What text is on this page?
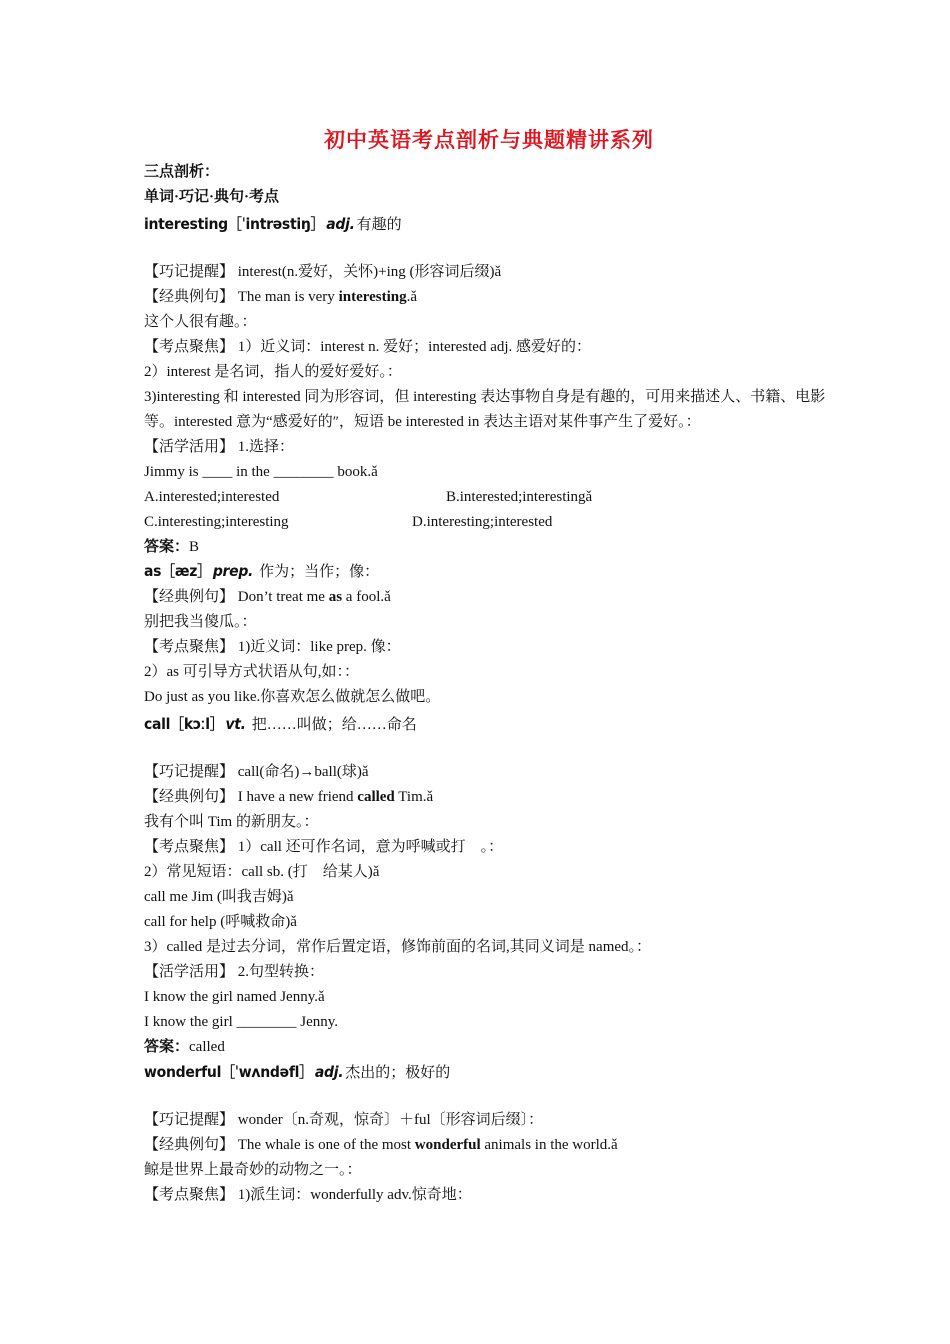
初中英语考点剖析与典题精讲系列
三点剖析：
单词·巧记·典句·考点
interesting［ˈintrəstiŋ］ adj. 有趣的
【巧记提醒】 interest(n.爱好，关怀)+ing (形容词后缀)ǎ
【经典例句】 The man is very interesting.ǎ
这个人很有趣。：
【考点聚焦】 1）近义词：interest n. 爱好；interested adj. 感爱好的：
2）interest 是名词，指人的爱好爱好。：
3)interesting 和 interested 同为形容词，但 interesting 表达事物自身是有趣的，可用来描述人、书籍、电影等。interested 意为“感爱好的″，短语 be interested in 表达主语对某件事产生了爱好。：
【活学活用】 1.选择：
Jimmy is ____ in the ________ book.ǎ
A.interested;interested	B.interested;interestingǎ
C.interesting;interesting	D.interesting;interested
答案：B
as［æz］ prep. 作为；当作；像：
【经典例句】 Don’t treat me as a fool.ǎ
别把我当傻瓜。：
【考点聚焦】 1)近义词：like prep. 像：
2）as 可引导方式状语从句,如：：
Do just as you like.你喜欢怎么做就怎么做吧。
call［kɔːl］ vt. 把……叫做；给……命名
【巧记提醒】 call(命名)→ball(球)ǎ
【经典例句】 I have a new friend called Tim.ǎ
我有个叫 Tim 的新朋友。：
【考点聚焦】 1）call 还可作名词，意为呼喊或打　。：
2）常见短语：call sb. (打　给某人)ǎ
call me Jim (叫我吉姆)ǎ
call for help (呼喊救命)ǎ
3）called 是过去分词，常作后置定语，修饰前面的名词,其同义词是 named。：
【活学活用】 2.句型转换：
I know the girl named Jenny.ǎ
I know the girl ________ Jenny.
答案：called
wonderful［ˈwʌndəfl］ adj. 杰出的；极好的
【巧记提醒】 wonder〔n.奇观，惊奇〕＋ful〔形容词后缀〕：
【经典例句】 The whale is one of the most wonderful animals in the world.ǎ
鲸是世界上最奇妙的动物之一。：
【考点聚焦】 1)派生词：wonderfully adv.惊奇地：
